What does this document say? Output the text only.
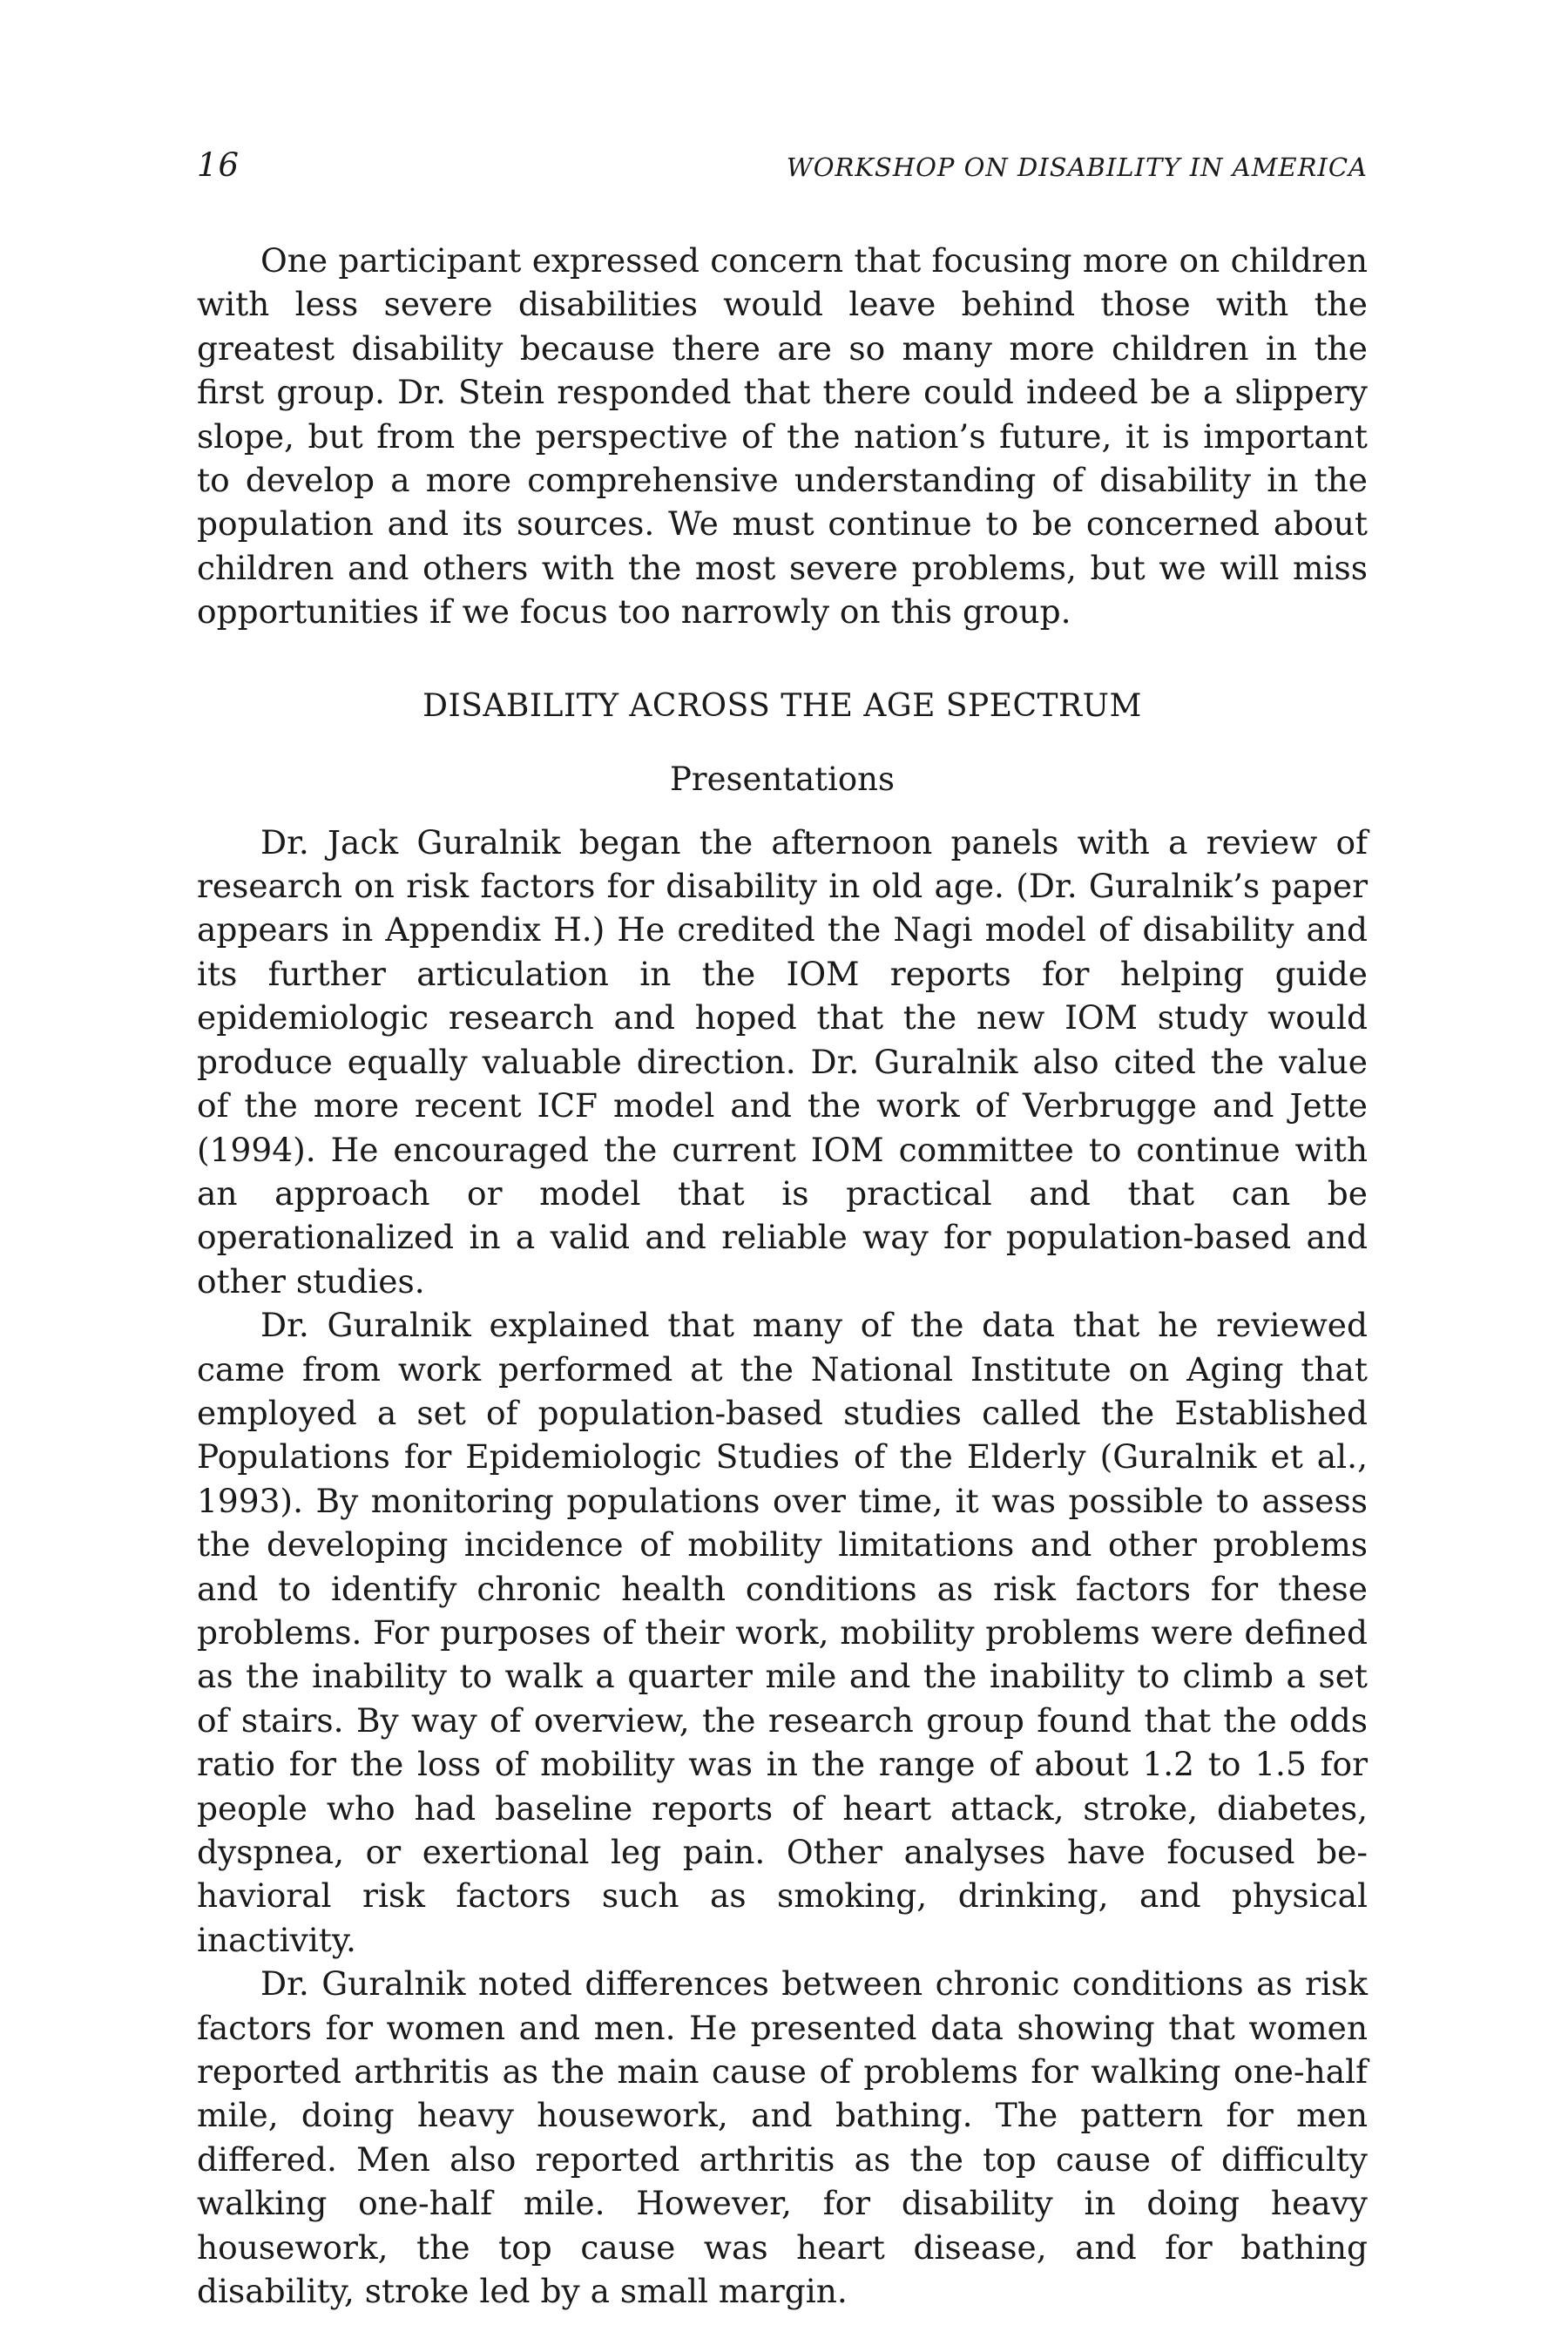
16	WORKSHOP ON DISABILITY IN AMERICA

One participant expressed concern that focusing more on children with less severe disabilities would leave behind those with the greatest disability because there are so many more children in the first group. Dr. Stein responded that there could indeed be a slippery slope, but from the perspective of the nation’s future, it is important to develop a more comprehensive understanding of disability in the population and its sources. We must continue to be concerned about children and others with the most severe problems, but we will miss opportunities if we focus too narrowly on this group.

DISABILITY ACROSS THE AGE SPECTRUM
Presentations

Dr. Jack Guralnik began the afternoon panels with a review of research on risk factors for disability in old age. (Dr. Guralnik’s paper appears in Appendix H.) He credited the Nagi model of disability and its further articulation in the IOM reports for helping guide epidemiologic research and hoped that the new IOM study would produce equally valuable direction. Dr. Guralnik also cited the value of the more recent ICF model and the work of Verbrugge and Jette (1994). He encouraged the current IOM committee to continue with an approach or model that is practical and that can be operationalized in a valid and reliable way for population-based and other studies.

Dr. Guralnik explained that many of the data that he reviewed came from work performed at the National Institute on Aging that employed a set of population-based studies called the Established Populations for Epidemiologic Studies of the Elderly (Guralnik et al., 1993). By monitoring populations over time, it was possible to assess the developing incidence of mobility limitations and other problems and to identify chronic health conditions as risk factors for these problems. For purposes of their work, mobility problems were defined as the inability to walk a quarter mile and the inability to climb a set of stairs. By way of overview, the research group found that the odds ratio for the loss of mobility was in the range of about 1.2 to 1.5 for people who had baseline reports of heart attack, stroke, diabetes, dyspnea, or exertional leg pain. Other analyses have focused behavioral risk factors such as smoking, drinking, and physical inactivity.

Dr. Guralnik noted differences between chronic conditions as risk factors for women and men. He presented data showing that women reported arthritis as the main cause of problems for walking one-half mile, doing heavy housework, and bathing. The pattern for men differed. Men also reported arthritis as the top cause of difficulty walking one-half mile. However, for disability in doing heavy housework, the top cause was heart disease, and for bathing disability, stroke led by a small margin.
